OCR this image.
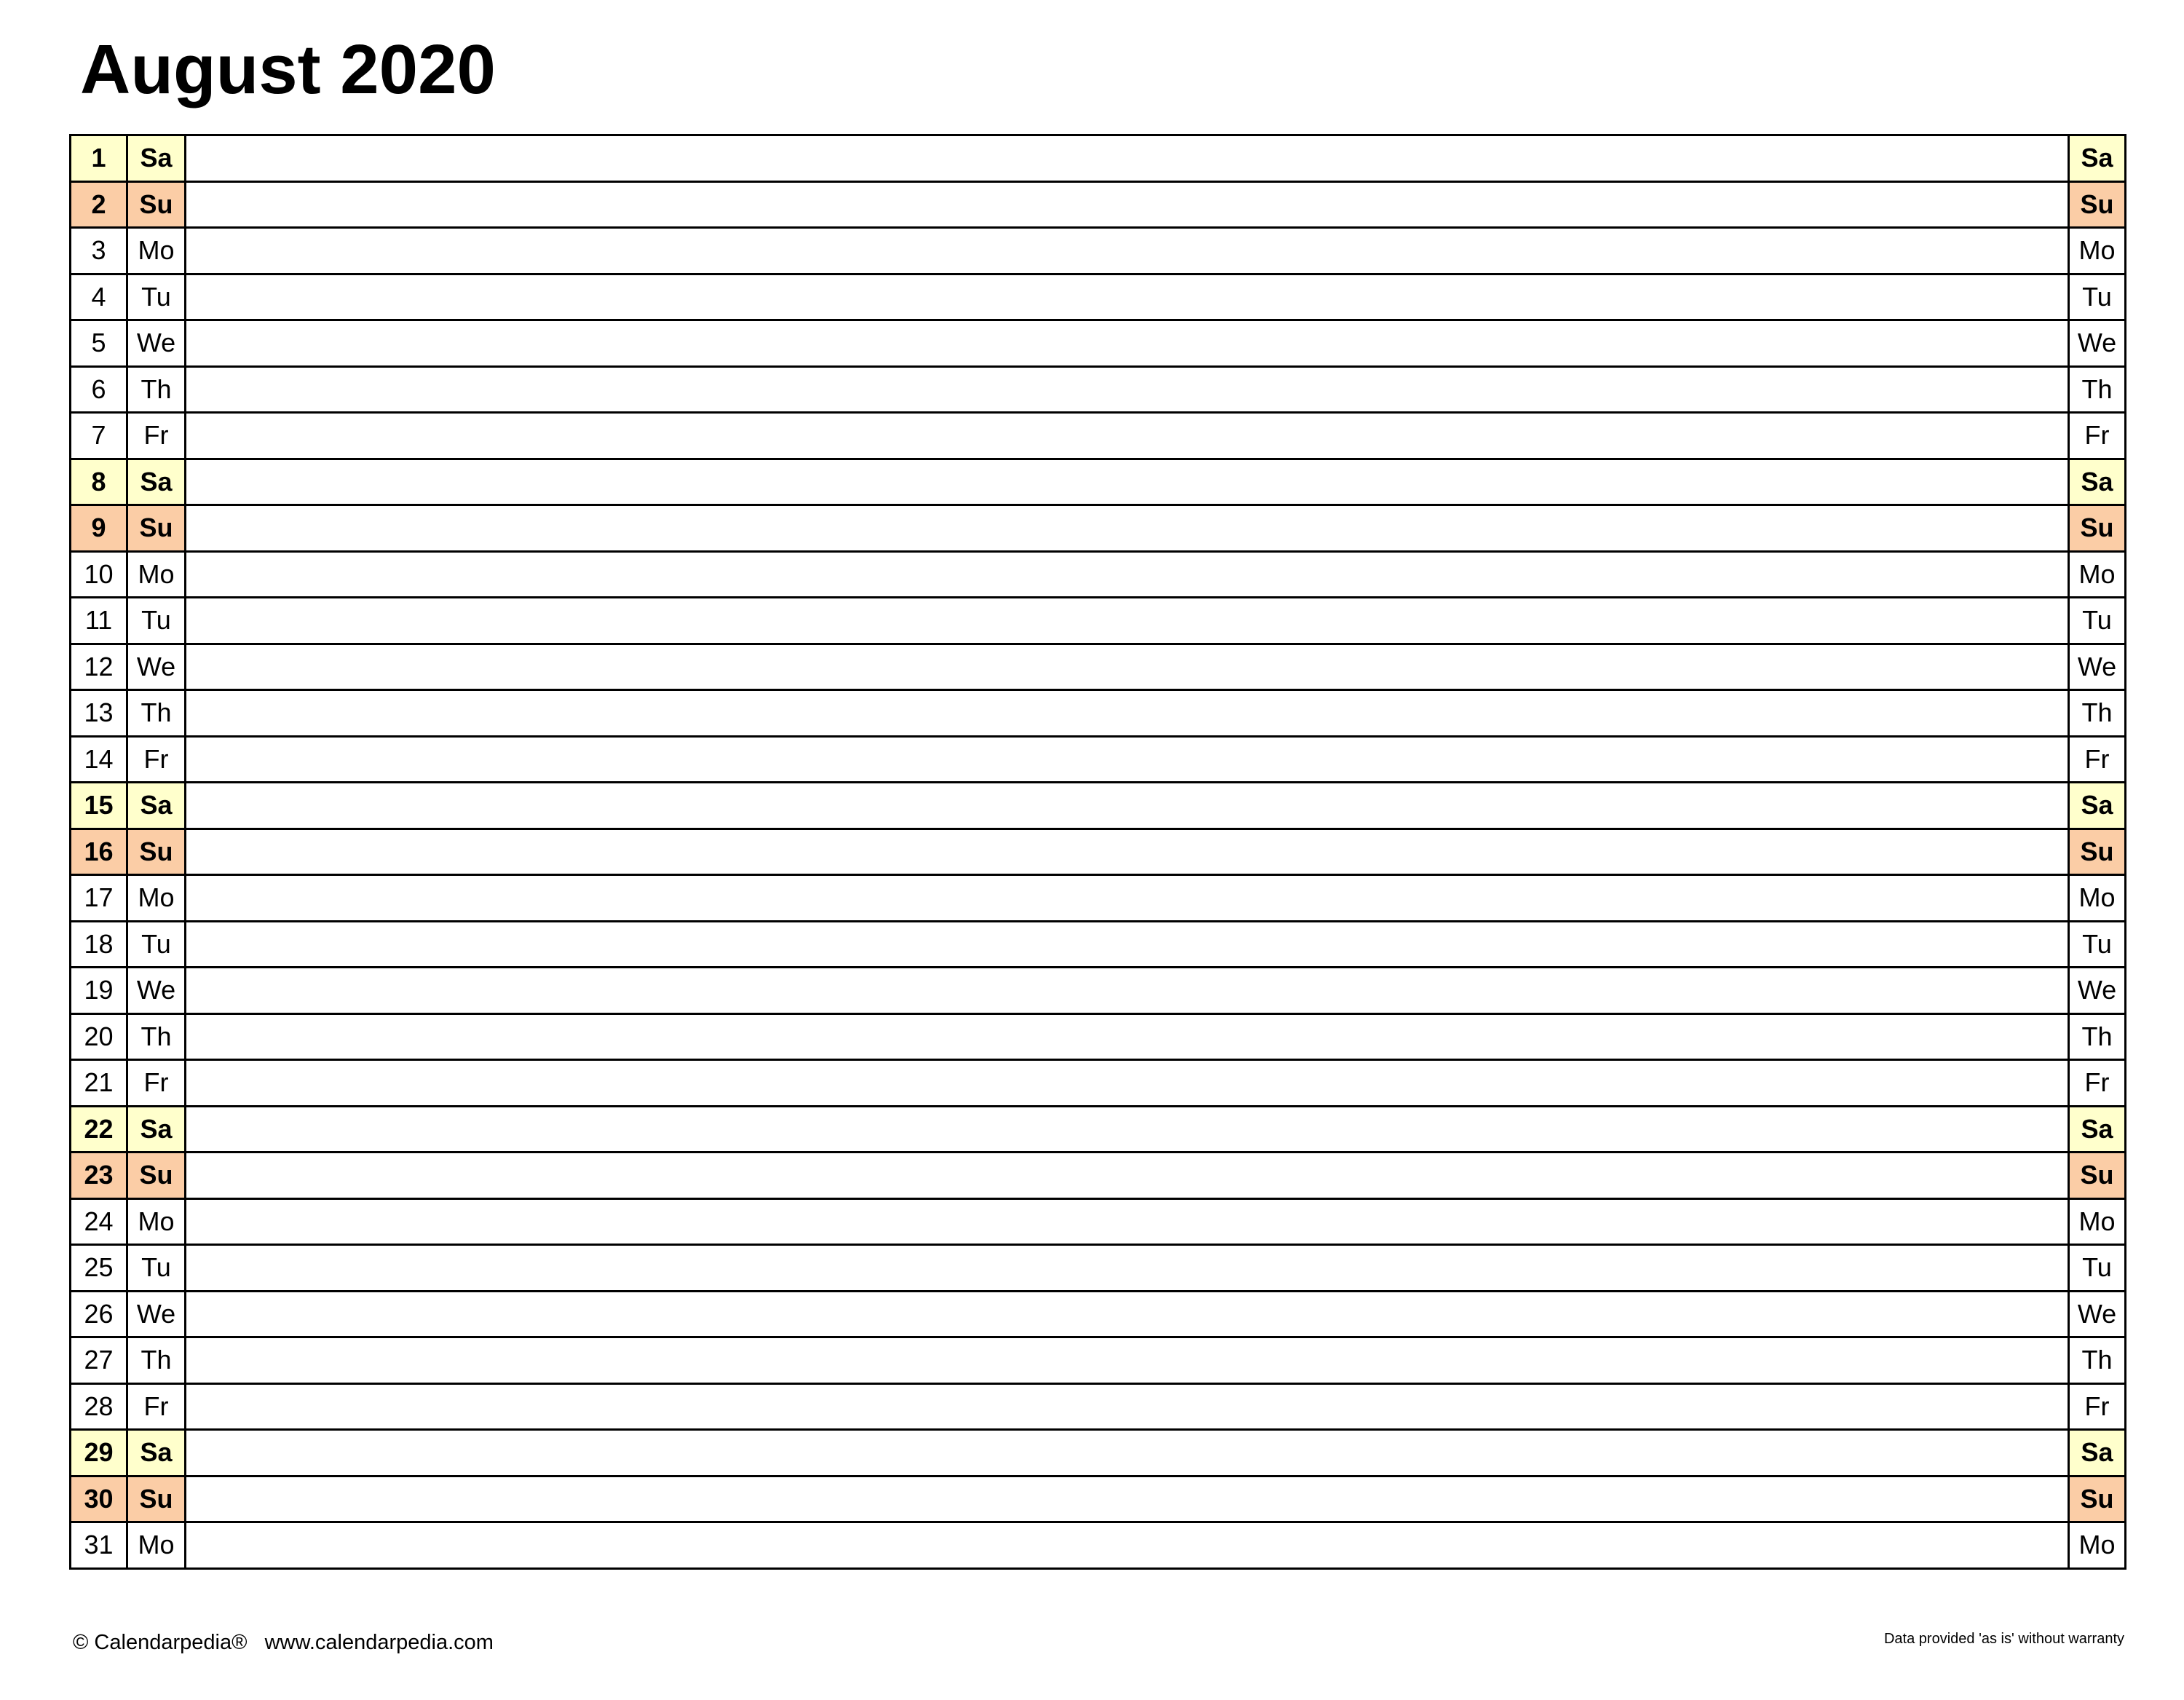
August 2020
1	Sa		Sa
2	Su		Su
3	Mo		Mo
4	Tu		Tu
5	We		We
6	Th		Th
7	Fr		Fr
8	Sa		Sa
9	Su		Su
10	Mo		Mo
11	Tu		Tu
12	We		We
13	Th		Th
14	Fr		Fr
15	Sa		Sa
16	Su		Su
17	Mo		Mo
18	Tu		Tu
19	We		We
20	Th		Th
21	Fr		Fr
22	Sa		Sa
23	Su		Su
24	Mo		Mo
25	Tu		Tu
26	We		We
27	Th		Th
28	Fr		Fr
29	Sa		Sa
30	Su		Su
31	Mo		Mo
© Calendarpedia®   www.calendarpedia.com	Data provided 'as is' without warranty
